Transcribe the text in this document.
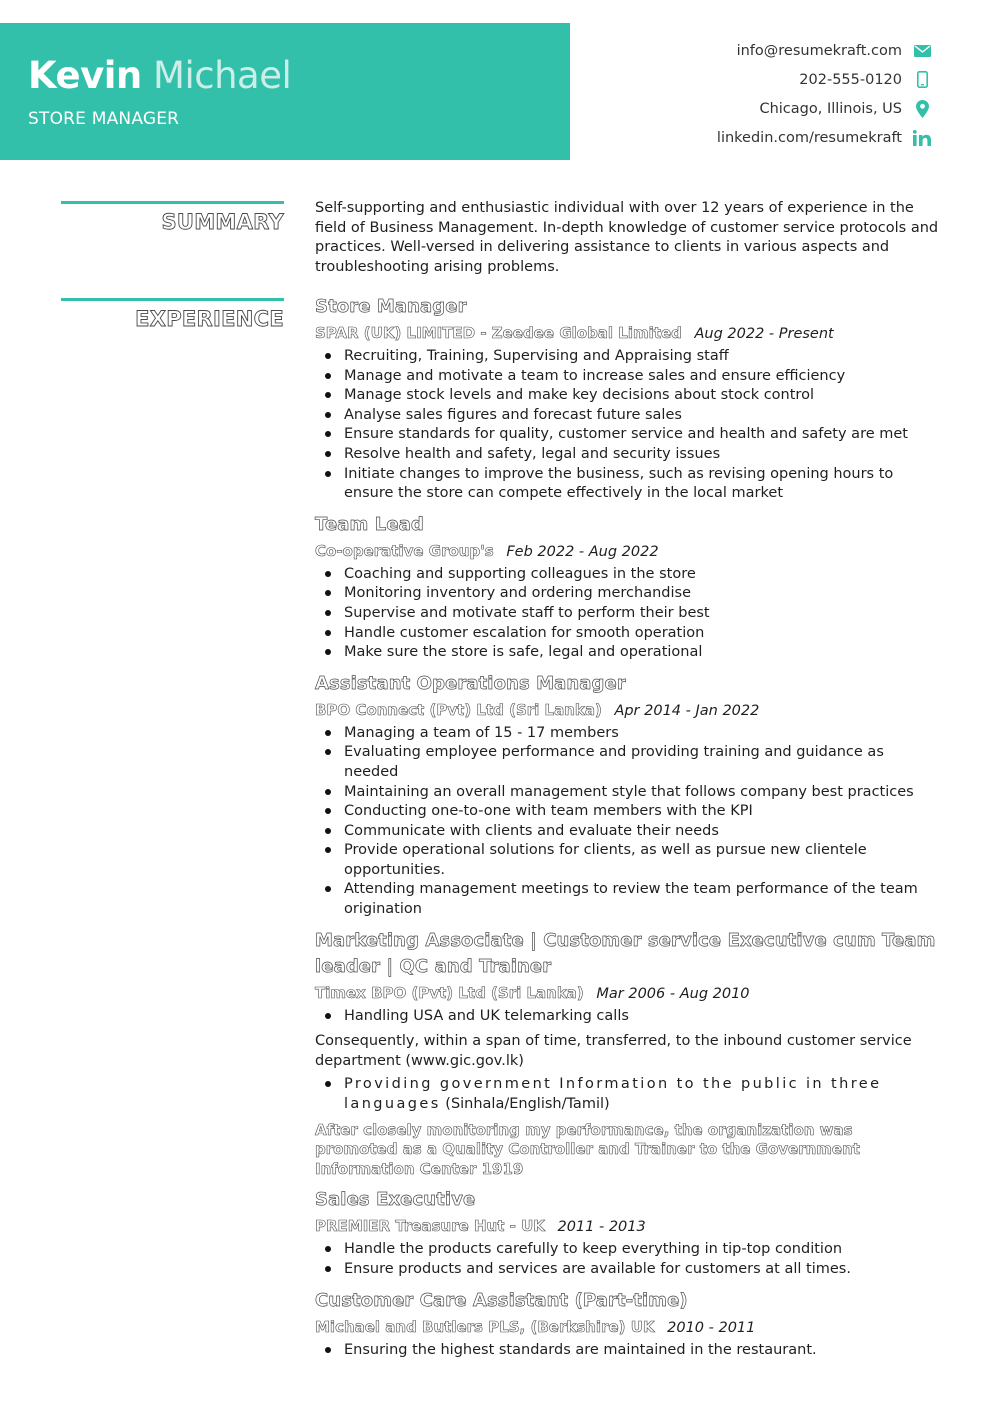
Kevin Michael

STORE MANAGER

info@resumekraft.com
202-555-0120
Chicago, Illinois, US
linkedin.com/resumekraft
SUMMARY

Self-supporting and enthusiastic individual with over 12 years of experience in the field of Business Management. In-depth knowledge of customer service protocols and practices. Well-versed in delivering assistance to clients in various aspects and troubleshooting arising problems.

EXPERIENCE
Store Manager

SPAR (UK) LIMITED - Zeedee Global Limited Aug 2022 - Present

Recruiting, Training, Supervising and Appraising staff
Manage and motivate a team to increase sales and ensure efficiency
Manage stock levels and make key decisions about stock control
Analyse sales figures and forecast future sales
Ensure standards for quality, customer service and health and safety are met
Resolve health and safety, legal and security issues
Initiate changes to improve the business, such as revising opening hours to ensure the store can compete effectively in the local market
Team Lead

Co-operative Group's Feb 2022 - Aug 2022

Coaching and supporting colleagues in the store
Monitoring inventory and ordering merchandise
Supervise and motivate staff to perform their best
Handle customer escalation for smooth operation
Make sure the store is safe, legal and operational
Assistant Operations Manager

BPO Connect (Pvt) Ltd (Sri Lanka) Apr 2014 - Jan 2022

Managing a team of 15 - 17 members
Evaluating employee performance and providing training and guidance as needed
Maintaining an overall management style that follows company best practices
Conducting one-to-one with team members with the KPI
Communicate with clients and evaluate their needs
Provide operational solutions for clients, as well as pursue new clientele opportunities.
Attending management meetings to review the team performance of the team origination
Marketing Associate | Customer service Executive cum Team leader | QC and Trainer

Timex BPO (Pvt) Ltd (Sri Lanka) Mar 2006 - Aug 2010

Handling USA and UK telemarking calls

Consequently, within a span of time, transferred, to the inbound customer service department (www.gic.gov.lk)

Providing government Information to the public in three languages (Sinhala/English/Tamil)

After closely monitoring my performance, the organization was promoted as a Quality Controller and Trainer to the Government Information Center 1919

Sales Executive

PREMIER Treasure Hut - UK 2011 - 2013

Handle the products carefully to keep everything in tip-top condition
Ensure products and services are available for customers at all times.
Customer Care Assistant (Part-time)

Michael and Butlers PLS, (Berkshire) UK 2010 - 2011

Ensuring the highest standards are maintained in the restaurant.
